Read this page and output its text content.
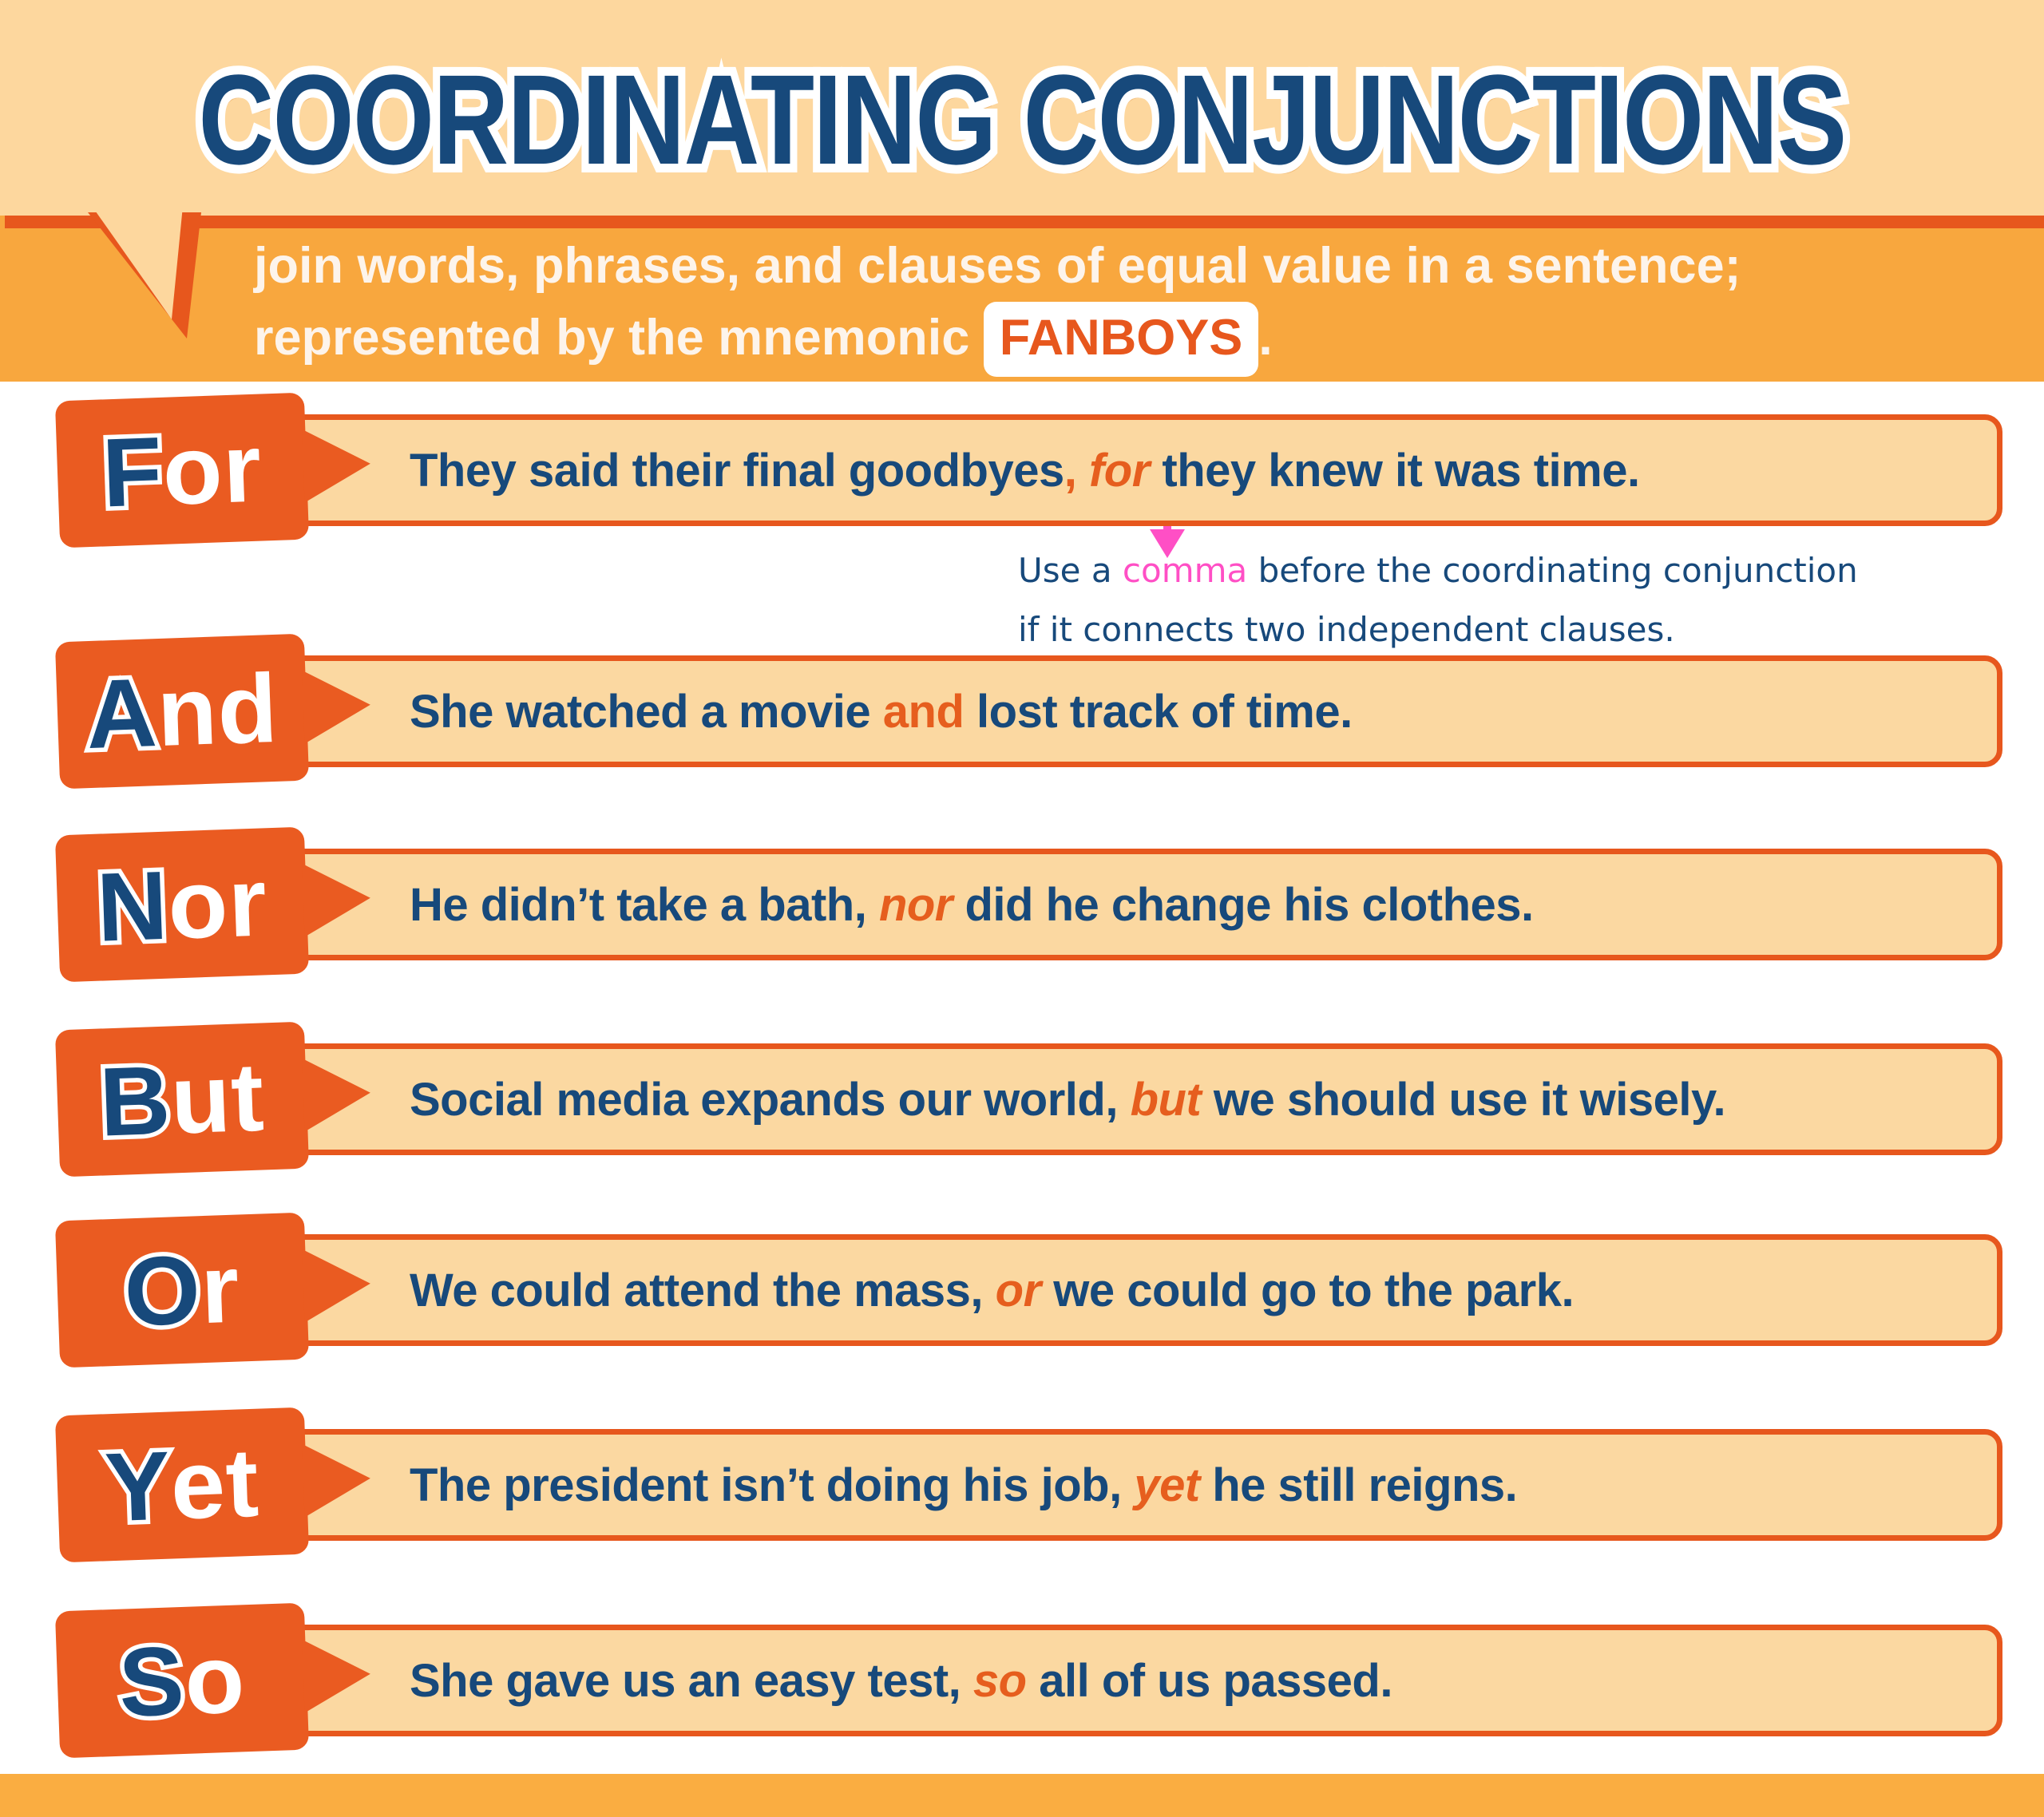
COORDINATING CONJUNCTIONS COORDINATING CONJUNCTIONS
join words, phrases, and clauses of equal value in a sentence;
represented by the mnemonic FANBOYS .
They said their final goodbyes , for they knew it was time.
F For
She watched a movie and lost track of time.
A And
He didn’t take a bath, nor did he change his clothes.
N Nor
Social media expands our world, but we should use it wisely.
B But
We could attend the mass, or we could go to the park.
O Or
The president isn’t doing his job, yet he still reigns.
Y Yet
She gave us an easy test, so all of us passed.
S So
Use a comma before the coordinating conjunction
if it connects two independent clauses.
